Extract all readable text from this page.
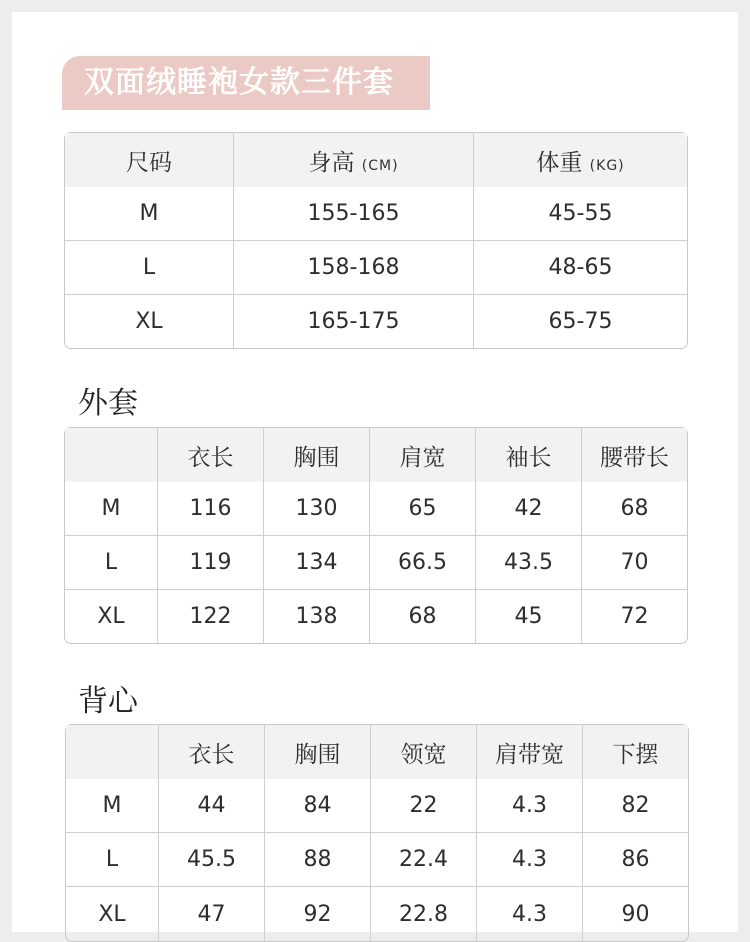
双面绒睡袍女款三件套
尺码	身高 (CM)	体重 (KG)
M	155-165	45-55
L	158-168	48-65
XL	165-175	65-75
外套
	衣长	胸围	肩宽	袖长	腰带长
M	116	130	65	42	68
L	119	134	66.5	43.5	70
XL	122	138	68	45	72
背心
	衣长	胸围	领宽	肩带宽	下摆
M	44	84	22	4.3	82
L	45.5	88	22.4	4.3	86
XL	47	92	22.8	4.3	90
